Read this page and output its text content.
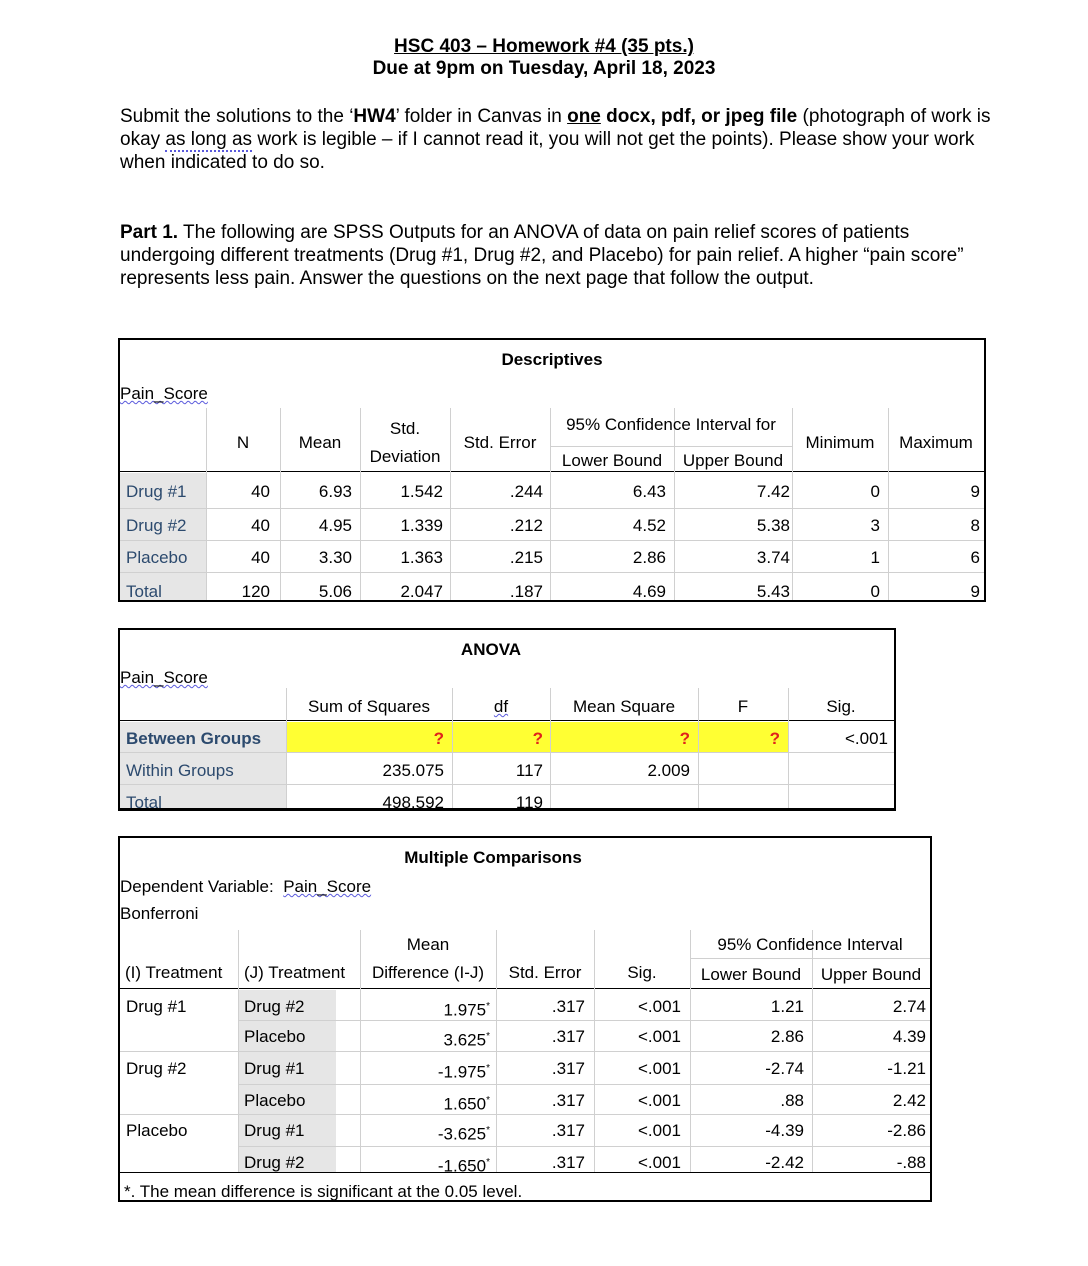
HSC 403 – Homework #4 (35 pts.)
Due at 9pm on Tuesday, April 18, 2023
Submit the solutions to the ‘HW4’ folder in Canvas in one docx, pdf, or jpeg file (photograph of work is okay as long as work is legible – if I cannot read it, you will not get the points). Please show your work when indicated to do so.
Part 1. The following are SPSS Outputs for an ANOVA of data on pain relief scores of patients undergoing different treatments (Drug #1, Drug #2, and Placebo) for pain relief. A higher “pain score” represents less pain. Answer the questions on the next page that follow the output.
Descriptives
Pain_Score
N	Mean
Std.
Deviation
Std. Error
95% Confidence Interval for
Lower Bound	Upper Bound
Minimum	Maximum
Drug #1	40	6.93	1.542	.244	6.43	7.42	0	9
Drug #2	40	4.95	1.339	.212	4.52	5.38	3	8
Placebo	40	3.30	1.363	.215	2.86	3.74	1	6
Total	120	5.06	2.047	.187	4.69	5.43	0	9
ANOVA
Pain_Score
Sum of Squares	df	Mean Square	F	Sig.
Between Groups	?	?	?	?	<.001
Within Groups	235.075	117	2.009
Total	498.592	119
Multiple Comparisons
Dependent Variable: Pain_Score
Bonferroni
(I) Treatment (J) Treatment
Mean
Difference (I-J)	Std. Error	Sig.
95% Confidence Interval
Lower Bound	Upper Bound
Drug #1	Drug #2	1.975*	.317	<.001	1.21	2.74
Placebo	3.625*	.317	<.001	2.86	4.39
Drug #2	Drug #1	-1.975*	.317	<.001	-2.74	-1.21
Placebo	1.650*	.317	<.001	.88	2.42
Placebo	Drug #1	-3.625*	.317	<.001	-4.39	-2.86
Drug #2	-1.650*	.317	<.001	-2.42	-.88
*. The mean difference is significant at the 0.05 level.
